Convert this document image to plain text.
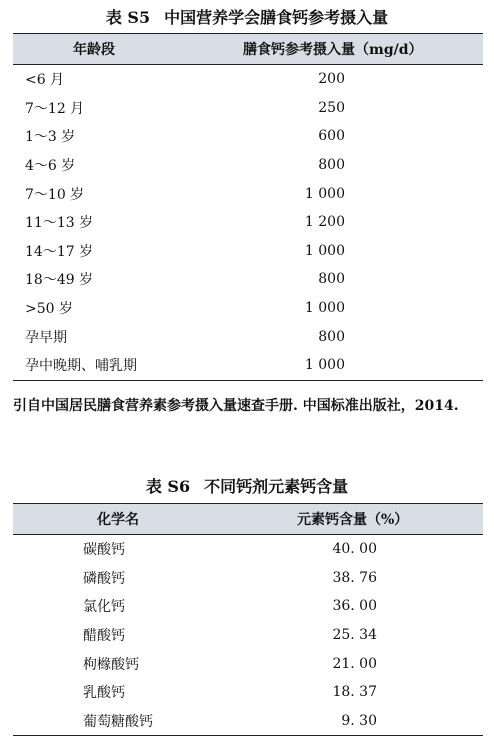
表 S5 中国营养学会膳食钙参考摄入量
年龄段	膳食钙参考摄入量（mg/d）
<6 月	200
7～12 月	250
1～3 岁	600
4～6 岁	800
7～10 岁	1 000
11～13 岁	1 200
14～17 岁	1 000
18～49 岁	800
>50 岁	1 000
孕早期	800
孕中晚期、哺乳期	1 000
引自中国居民膳食营养素参考摄入量速查手册. 中国标准出版社，2014.
表 S6 不同钙剂元素钙含量
化学名	元素钙含量（%）
碳酸钙	40. 00
磷酸钙	38. 76
氯化钙	36. 00
醋酸钙	25. 34
枸橼酸钙	21. 00
乳酸钙	18. 37
葡萄糖酸钙	9. 30
